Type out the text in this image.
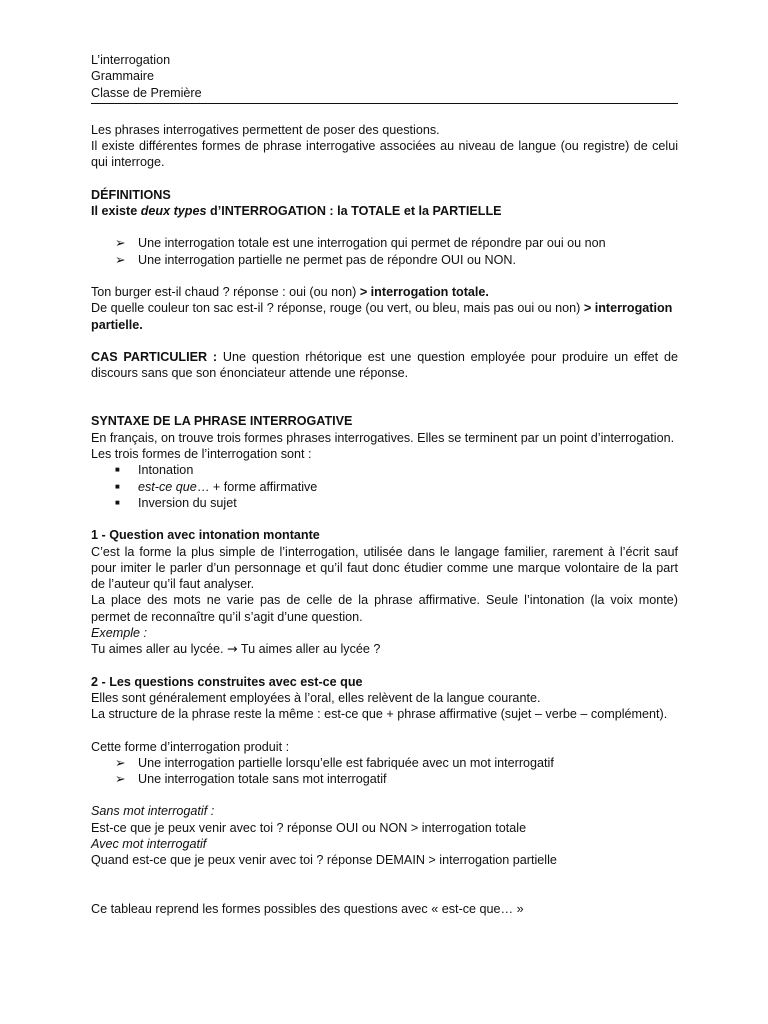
L’interrogation
Grammaire
Classe de Première

Les phrases interrogatives permettent de poser des questions.

Il existe différentes formes de phrase interrogative associées au niveau de langue (ou registre) de celui qui interroge.

DÉFINITIONS

Il existe deux types d’INTERROGATION : la TOTALE et la PARTIELLE

➢ Une interrogation totale est une interrogation qui permet de répondre par oui ou non
➢ Une interrogation partielle ne permet pas de répondre OUI ou NON.

Ton burger est-il chaud ? réponse : oui (ou non) > interrogation totale.

De quelle couleur ton sac est-il ? réponse, rouge (ou vert, ou bleu, mais pas oui ou non) > interrogation partielle.

CAS PARTICULIER : Une question rhétorique est une question employée pour produire un effet de discours sans que son énonciateur attende une réponse.

SYNTAXE DE LA PHRASE INTERROGATIVE

En français, on trouve trois formes phrases interrogatives. Elles se terminent par un point d’interrogation.

Les trois formes de l’interrogation sont :

■ Intonation
■ est-ce que… + forme affirmative
■ Inversion du sujet

1 - Question avec intonation montante

C’est la forme la plus simple de l’interrogation, utilisée dans le langage familier, rarement à l’écrit sauf pour imiter le parler d’un personnage et qu’il faut donc étudier comme une marque volontaire de la part de l’auteur qu’il faut analyser.

La place des mots ne varie pas de celle de la phrase affirmative. Seule l’intonation (la voix monte) permet de reconnaître qu’il s’agit d’une question.

Exemple :

Tu aimes aller au lycée. → Tu aimes aller au lycée ?

2 - Les questions construites avec est-ce que

Elles sont généralement employées à l’oral, elles relèvent de la langue courante.

La structure de la phrase reste la même : est-ce que + phrase affirmative (sujet – verbe – complément).

Cette forme d’interrogation produit :

➢ Une interrogation partielle lorsqu’elle est fabriquée avec un mot interrogatif
➢ Une interrogation totale sans mot interrogatif

Sans mot interrogatif :

Est-ce que je peux venir avec toi ? réponse OUI ou NON > interrogation totale

Avec mot interrogatif

Quand est-ce que je peux venir avec toi ? réponse DEMAIN > interrogation partielle

Ce tableau reprend les formes possibles des questions avec « est-ce que… »
